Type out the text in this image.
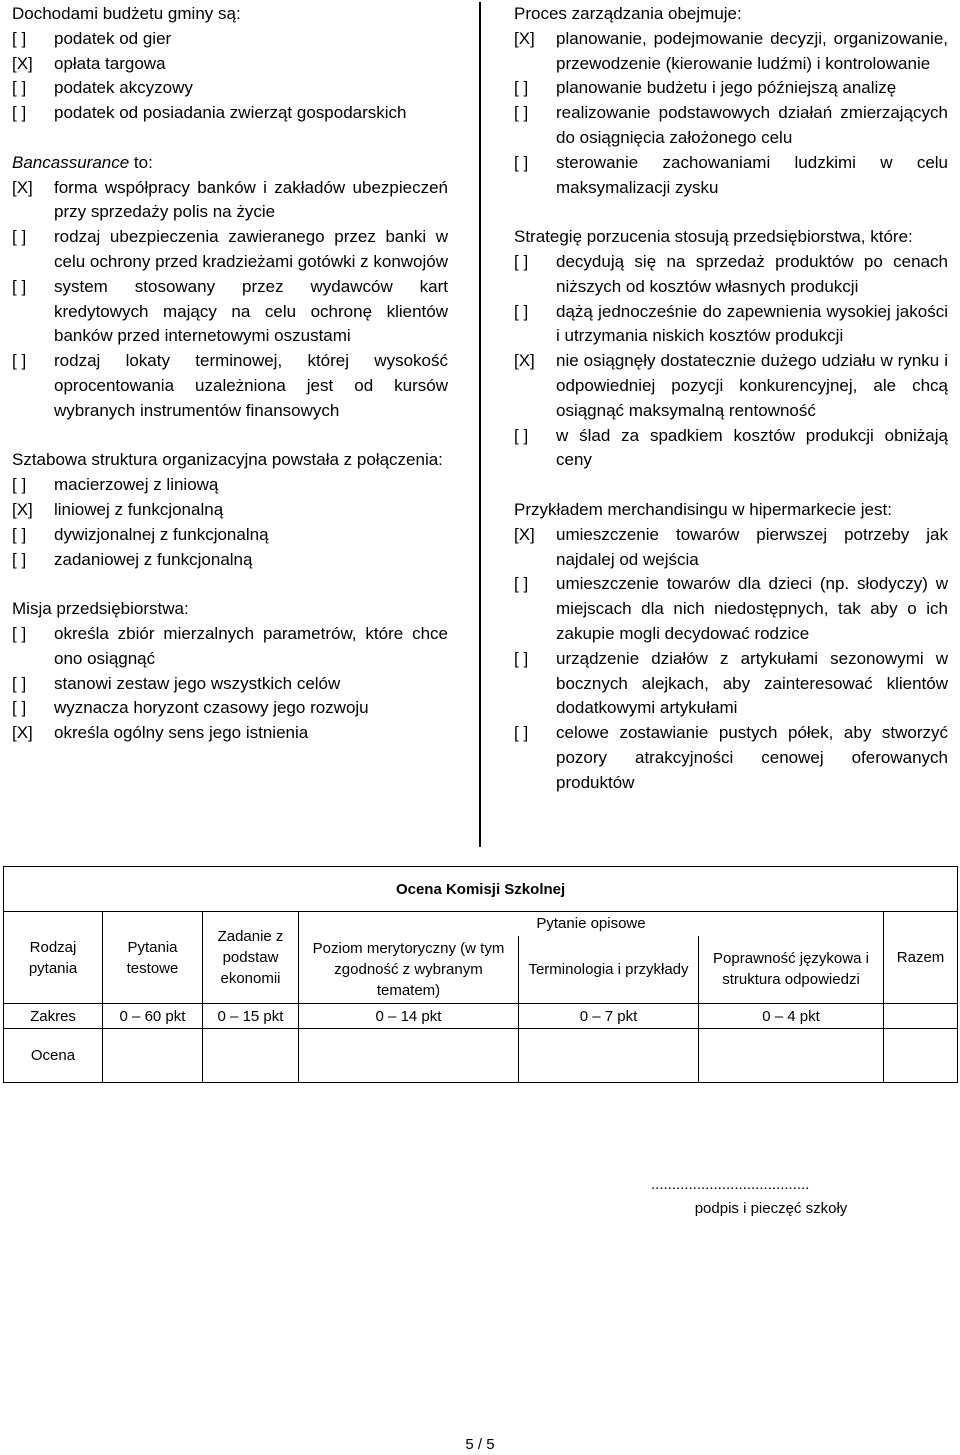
Dochodami budżetu gminy są:
[ ]	podatek od gier
[X]	opłata targowa
[ ]	podatek akcyzowy
[ ]	podatek od posiadania zwierząt gospodarskich
Bancassurance to:
[X]	forma współpracy banków i zakładów ubezpieczeń przy sprzedaży polis na życie
[ ]	rodzaj ubezpieczenia zawieranego przez banki w celu ochrony przed kradzieżami gotówki z konwojów
[ ]	system stosowany przez wydawców kart kredytowych mający na celu ochronę klientów banków przed internetowymi oszustami
[ ]	rodzaj lokaty terminowej, której wysokość oprocentowania uzależniona jest od kursów wybranych instrumentów finansowych
Sztabowa struktura organizacyjna powstała z połączenia:
[ ]	macierzowej z liniową
[X]	liniowej z funkcjonalną
[ ]	dywizjonalnej z funkcjonalną
[ ]	zadaniowej z funkcjonalną
Misja przedsiębiorstwa:
[ ]	określa zbiór mierzalnych parametrów, które chce ono osiągnąć
[ ]	stanowi zestaw jego wszystkich celów
[ ]	wyznacza horyzont czasowy jego rozwoju
[X]	określa ogólny sens jego istnienia
Proces zarządzania obejmuje:
[X]	planowanie, podejmowanie decyzji, organizowanie, przewodzenie (kierowanie ludźmi) i kontrolowanie
[ ]	planowanie budżetu i jego późniejszą analizę
[ ]	realizowanie podstawowych działań zmierzających do osiągnięcia założonego celu
[ ]	sterowanie zachowaniami ludzkimi w celu maksymalizacji zysku
Strategię porzucenia stosują przedsiębiorstwa, które:
[ ]	decydują się na sprzedaż produktów po cenach niższych od kosztów własnych produkcji
[ ]	dążą jednocześnie do zapewnienia wysokiej jakości i utrzymania niskich kosztów produkcji
[X]	nie osiągnęły dostatecznie dużego udziału w rynku i odpowiedniej pozycji konkurencyjnej, ale chcą osiągnąć maksymalną rentowność
[ ]	w ślad za spadkiem kosztów produkcji obniżają ceny
Przykładem merchandisingu w hipermarkecie jest:
[X]	umieszczenie towarów pierwszej potrzeby jak najdalej od wejścia
[ ]	umieszczenie towarów dla dzieci (np. słodyczy) w miejscach dla nich niedostępnych, tak aby o ich zakupie mogli decydować rodzice
[ ]	urządzenie działów z artykułami sezonowymi w bocznych alejkach, aby zainteresować klientów dodatkowymi artykułami
[ ]	celowe zostawianie pustych półek, aby stworzyć pozory atrakcyjności cenowej oferowanych produktów
Ocena Komisji Szkolnej						
Rodzaj pytania	Pytania testowe	Zadanie z podstaw ekonomii	Pytanie opisowe			Razem
			Poziom merytoryczny (w tym zgodność z wybranym tematem)	Terminologia i przykłady	Poprawność językowa i struktura odpowiedzi	
Zakres	0 – 60 pkt	0 – 15 pkt	0 – 14 pkt	0 – 7 pkt	0 – 4 pkt	
Ocena						
......................................
podpis i pieczęć szkoły
5 / 5
